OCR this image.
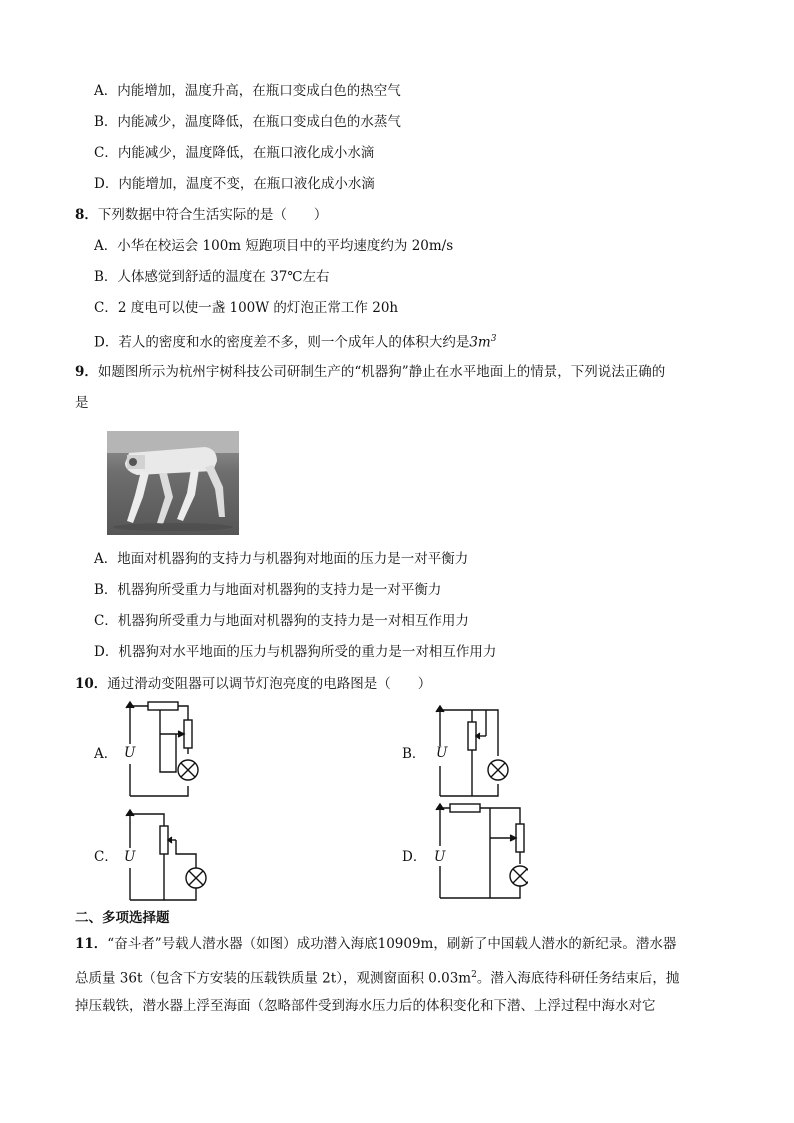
A．内能增加，温度升高，在瓶口变成白色的热空气
B．内能减少，温度降低，在瓶口变成白色的水蒸气
C．内能减少，温度降低，在瓶口液化成小水滴
D．内能增加，温度不变，在瓶口液化成小水滴
8．下列数据中符合生活实际的是（　　）
A．小华在校运会 100m 短跑项目中的平均速度约为 20m/s
B．人体感觉到舒适的温度在 37℃左右
C．2 度电可以使一盏 100W 的灯泡正常工作 20h
D．若人的密度和水的密度差不多，则一个成年人的体积大约是$3m^3$
9．如题图所示为杭州宇树科技公司研制生产的“机器狗”静止在水平地面上的情景，下列说法正确的
是
A．地面对机器狗的支持力与机器狗对地面的压力是一对平衡力
B．机器狗所受重力与地面对机器狗的支持力是一对平衡力
C．机器狗所受重力与地面对机器狗的支持力是一对相互作用力
D．机器狗对水平地面的压力与机器狗所受的重力是一对相互作用力
10．通过滑动变阻器可以调节灯泡亮度的电路图是（　　）
A． U	B． U
C． U	D． U
二、多项选择题
11．“奋斗者”号载人潜水器（如图）成功潜入海底10909m，刷新了中国载人潜水的新纪录。潜水器
总质量 36t（包含下方安装的压载铁质量 2t），观测窗面积 $0.03m^2$。潜入海底待科研任务结束后，抛
掉压载铁，潜水器上浮至海面（忽略部件受到海水压力后的体积变化和下潜、上浮过程中海水对它
